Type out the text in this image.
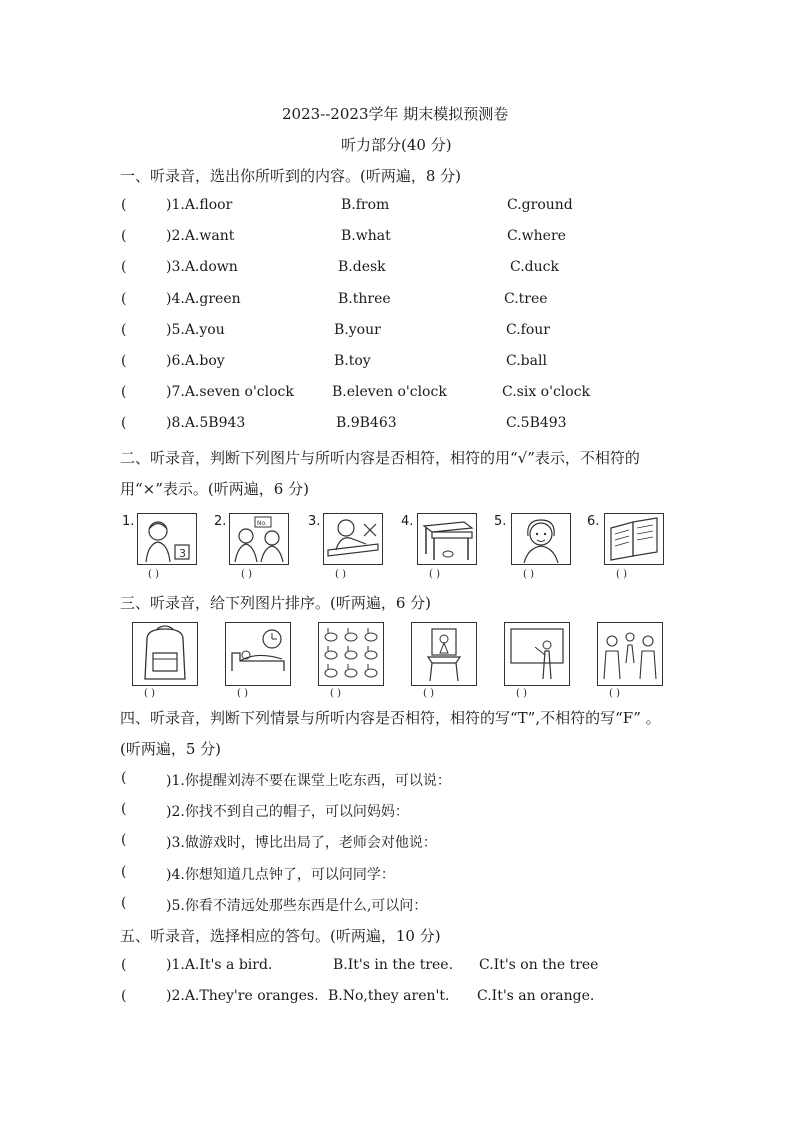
2023--2023学年 期末模拟预测卷
听力部分(40 分)
一、听录音，选出你所听到的内容。(听两遍，8 分)
(	)1.A.floor	B.from	C.ground
(	)2.A.want	B.what	C.where
(	)3.A.down	B.desk	C.duck
(	)4.A.green	B.three	C.tree
(	)5.A.you	B.your	C.four
(	)6.A.boy	B.toy	C.ball
(	)7.A.seven o'clock	B.eleven o'clock	C.six o'clock
(	)8.A.5B943	B.9B463	C.5B493
二、听录音，判断下列图片与所听内容是否相符，相符的用“√”表示，不相符的
用“×”表示。(听两遍，6 分)
1.
3
( )
2.	No.
( )
3.
( )
4.
( )
5.
( )
6.
( )
三、听录音，给下列图片排序。(听两遍，6 分)
( )	( )	( )	( )	( )	( )
四、听录音，判断下列情景与所听内容是否相符，相符的写“T”,不相符的写“F” 。
(听两遍，5 分)
(	)1.你提醒刘涛不要在课堂上吃东西，可以说：
(	)2.你找不到自己的帽子，可以问妈妈：
(	)3.做游戏时，博比出局了，老师会对他说：
(	)4.你想知道几点钟了，可以问同学：
(	)5.你看不清远处那些东西是什么,可以问：
五、听录音，选择相应的答句。(听两遍，10 分)
(	)1.A.It's a bird.	B.It's in the tree. C.It's on the tree
(	)2.A.They're oranges. B.No,they aren't. C.It's an orange.
